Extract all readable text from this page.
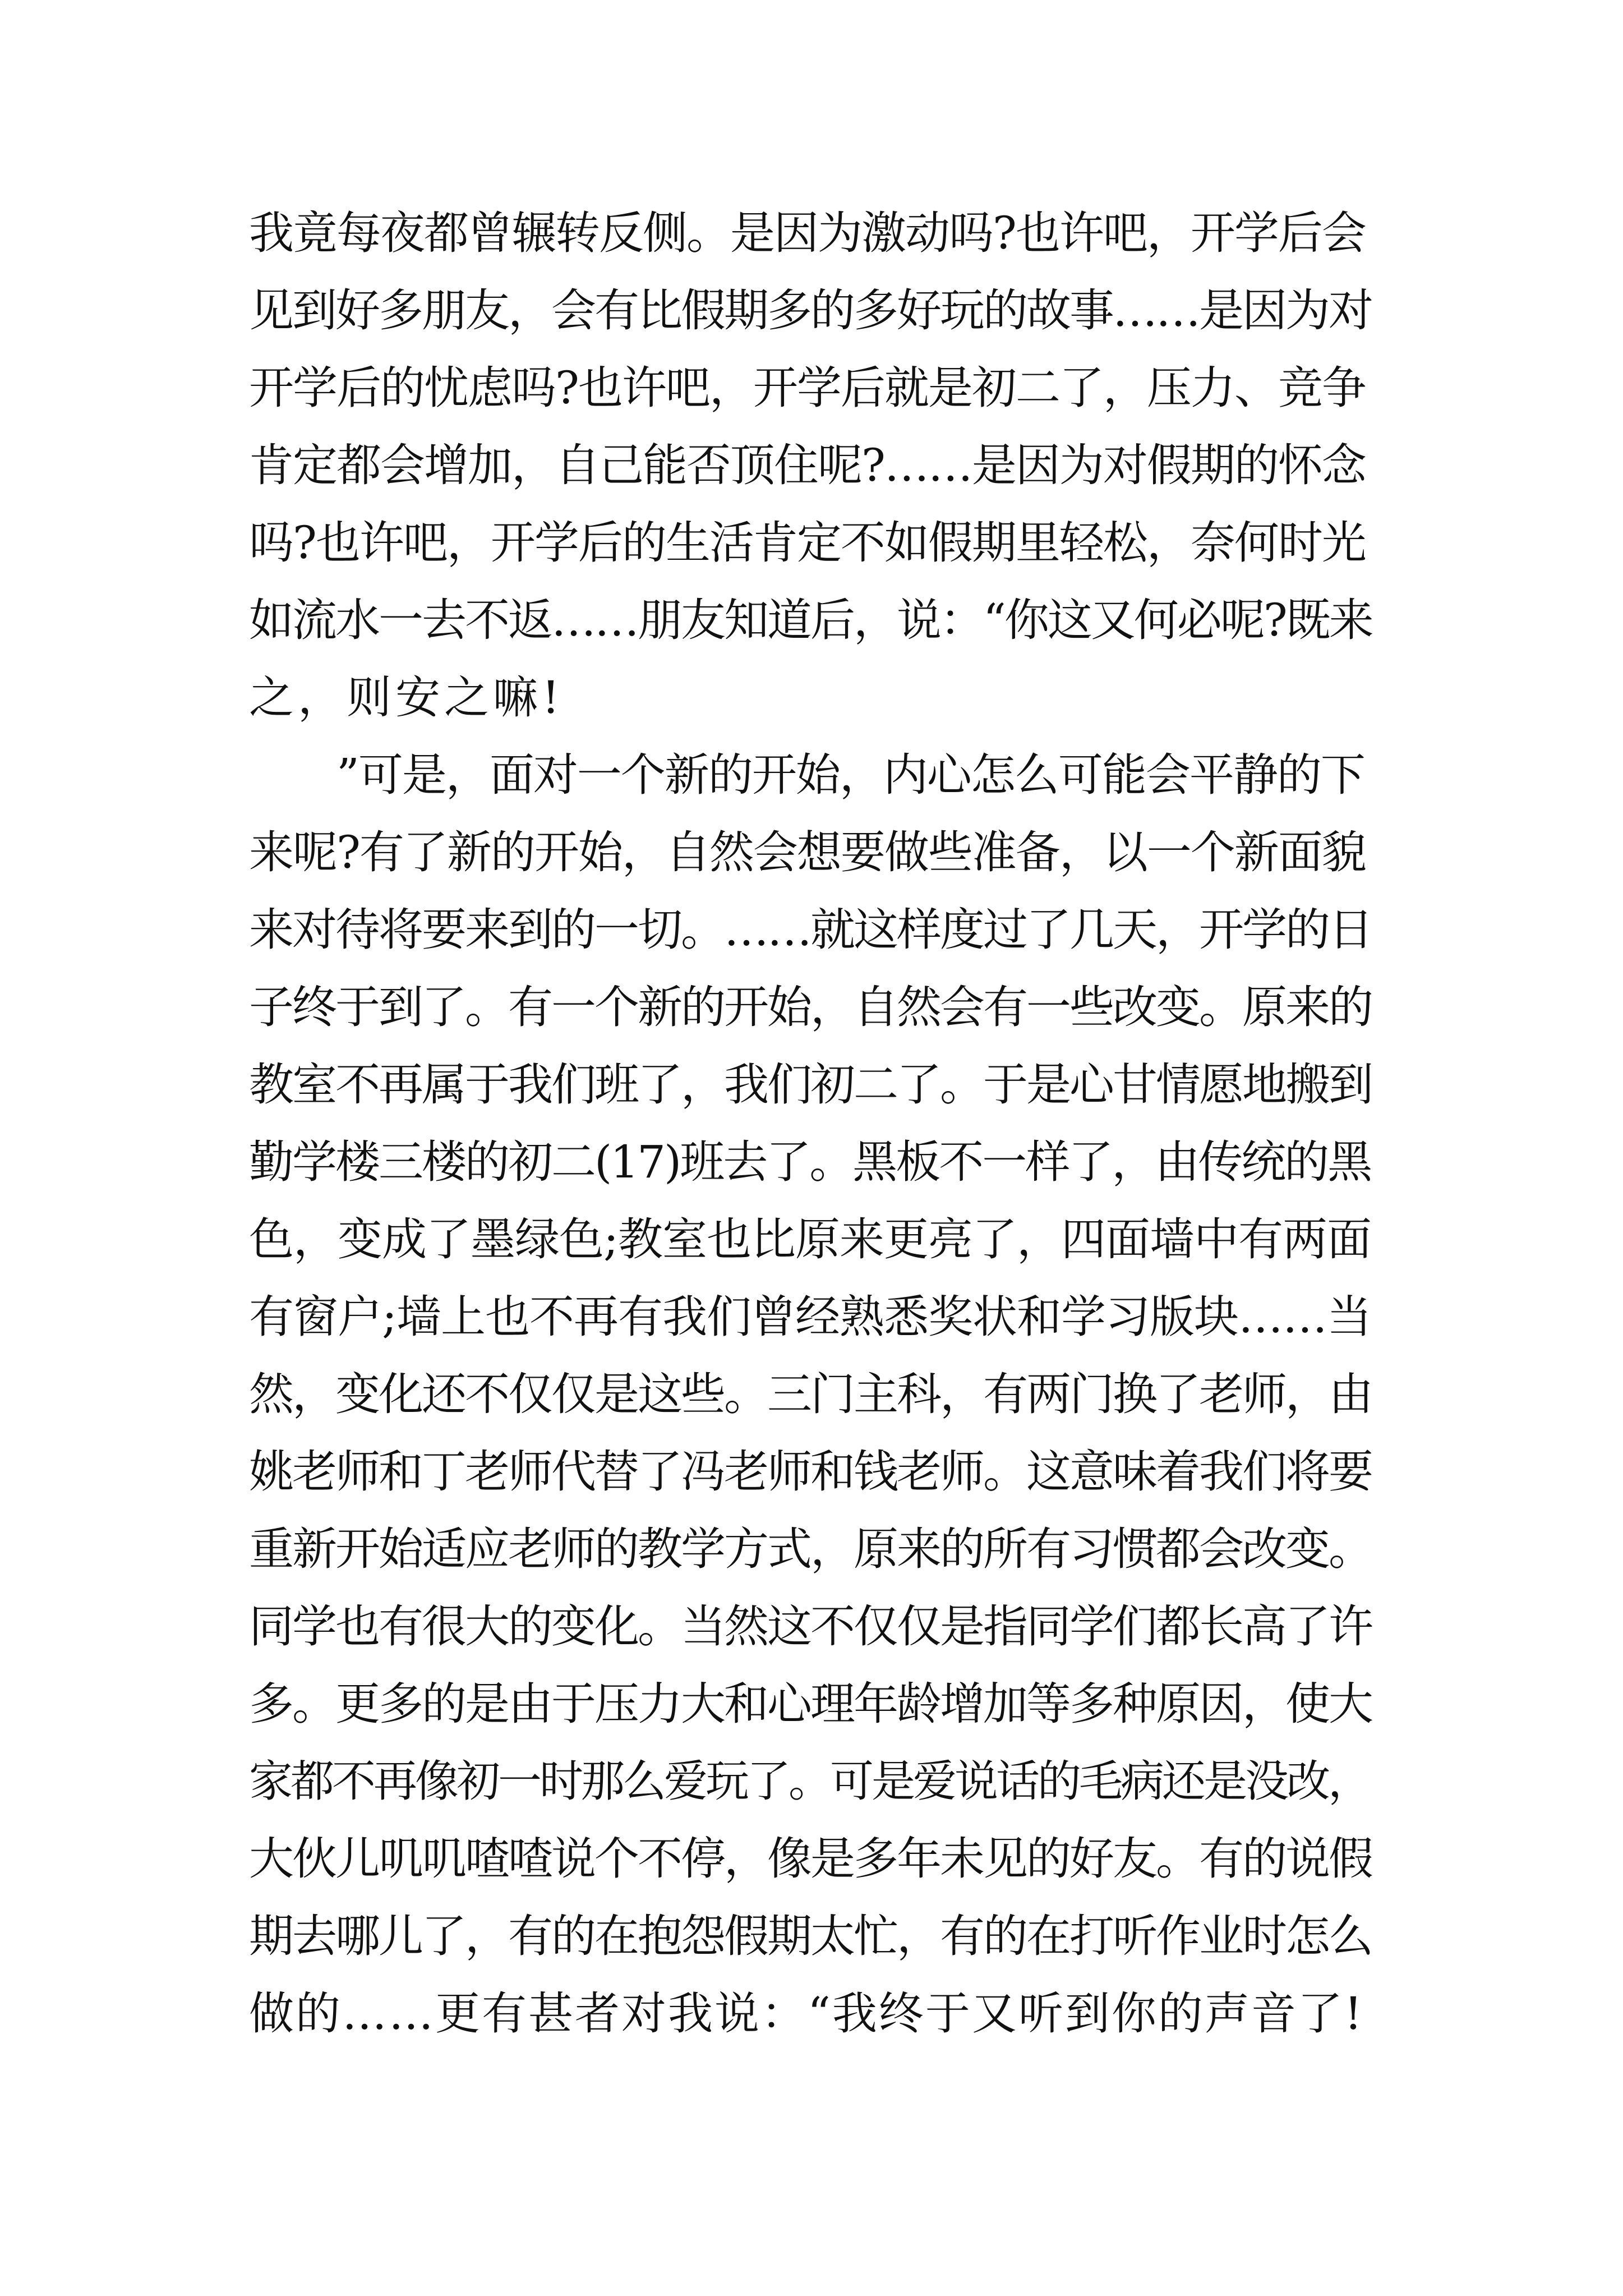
我竟每夜都曾辗转反侧。是因为激动吗?也许吧，开学后会
见到好多朋友，会有比假期多的多好玩的故事……是因为对
开学后的忧虑吗?也许吧，开学后就是初二了，压力、竞争
肯定都会增加，自己能否顶住呢?……是因为对假期的怀念
吗?也许吧，开学后的生活肯定不如假期里轻松，奈何时光
如流水一去不返……朋友知道后，说：“你这又何必呢?既来
之，则安之嘛!
　　”可是，面对一个新的开始，内心怎么可能会平静的下
来呢?有了新的开始，自然会想要做些准备，以一个新面貌
来对待将要来到的一切。……就这样度过了几天，开学的日
子终于到了。有一个新的开始，自然会有一些改变。原来的
教室不再属于我们班了，我们初二了。于是心甘情愿地搬到
勤学楼三楼的初二(17)班去了。黑板不一样了，由传统的黑
色，变成了墨绿色;教室也比原来更亮了，四面墙中有两面
有窗户;墙上也不再有我们曾经熟悉奖状和学习版块……当
然，变化还不仅仅是这些。三门主科，有两门换了老师，由
姚老师和丁老师代替了冯老师和钱老师。这意味着我们将要
重新开始适应老师的教学方式，原来的所有习惯都会改变。
同学也有很大的变化。当然这不仅仅是指同学们都长高了许
多。更多的是由于压力大和心理年龄增加等多种原因，使大
家都不再像初一时那么爱玩了。可是爱说话的毛病还是没改，
大伙儿叽叽喳喳说个不停，像是多年未见的好友。有的说假
期去哪儿了，有的在抱怨假期太忙，有的在打听作业时怎么
做的……更有甚者对我说：“我终于又听到你的声音了!
